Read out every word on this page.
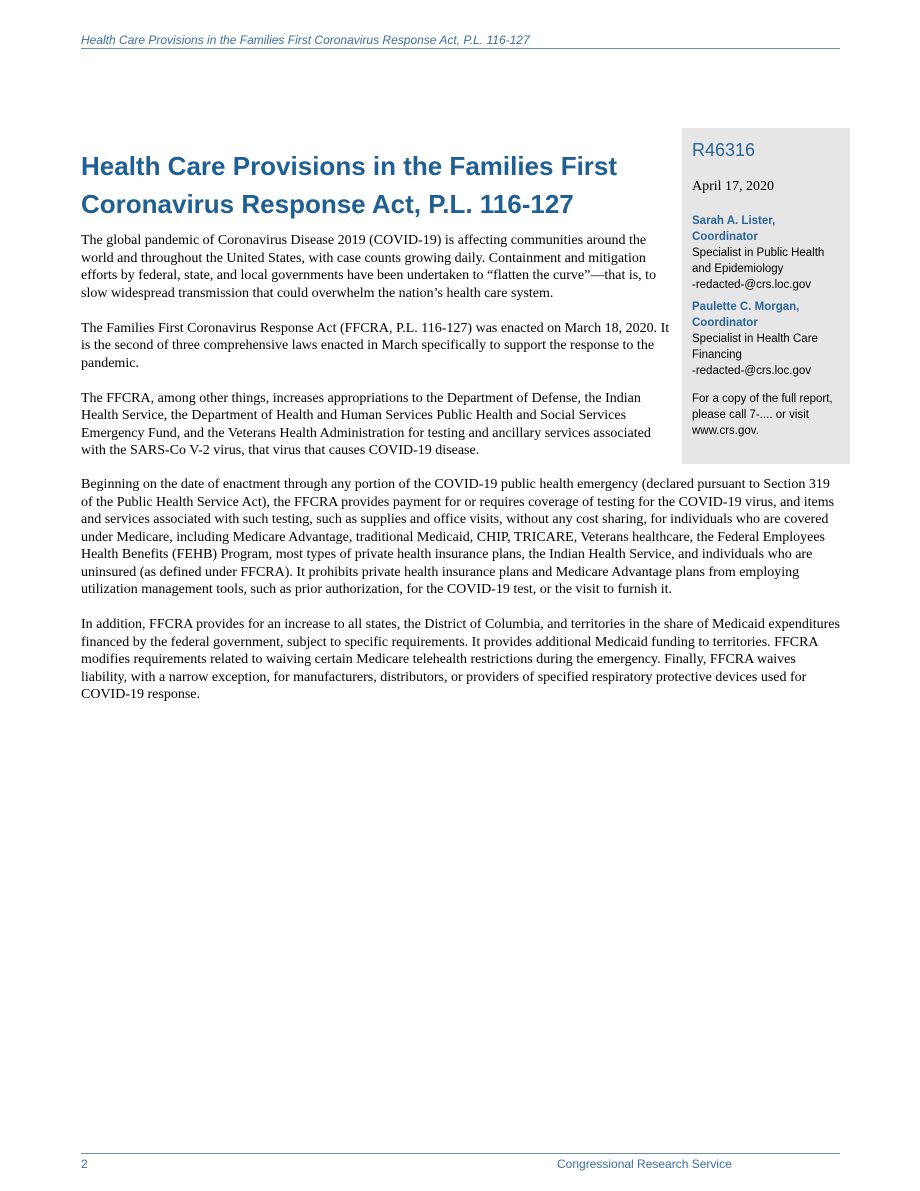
Health Care Provisions in the Families First Coronavirus Response Act, P.L. 116-127
R46316
April 17, 2020
Sarah A. Lister,
Coordinator
Specialist in Public Health
and Epidemiology
-redacted-@crs.loc.gov
Paulette C. Morgan,
Coordinator
Specialist in Health Care
Financing
-redacted-@crs.loc.gov
For a copy of the full report, please call 7-.... or visit www.crs.gov.
Health Care Provisions in the Families First Coronavirus Response Act, P.L. 116-127

The global pandemic of Coronavirus Disease 2019 (COVID-19) is affecting communities around the world and throughout the United States, with case counts growing daily. Containment and mitigation efforts by federal, state, and local governments have been undertaken to “flatten the curve”—that is, to slow widespread transmission that could overwhelm the nation’s health care system.

The Families First Coronavirus Response Act (FFCRA, P.L. 116-127) was enacted on March 18, 2020. It is the second of three comprehensive laws enacted in March specifically to support the response to the pandemic.

The FFCRA, among other things, increases appropriations to the Department of Defense, the Indian Health Service, the Department of Health and Human Services Public Health and Social Services Emergency Fund, and the Veterans Health Administration for testing and ancillary services associated with the SARS-Co V-2 virus, that virus that causes COVID-19 disease.

Beginning on the date of enactment through any portion of the COVID-19 public health emergency (declared pursuant to Section 319 of the Public Health Service Act), the FFCRA provides payment for or requires coverage of testing for the COVID-19 virus, and items and services associated with such testing, such as supplies and office visits, without any cost sharing, for individuals who are covered under Medicare, including Medicare Advantage, traditional Medicaid, CHIP, TRICARE, Veterans healthcare, the Federal Employees Health Benefits (FEHB) Program, most types of private health insurance plans, the Indian Health Service, and individuals who are uninsured (as defined under FFCRA). It prohibits private health insurance plans and Medicare Advantage plans from employing utilization management tools, such as prior authorization, for the COVID-19 test, or the visit to furnish it.

In addition, FFCRA provides for an increase to all states, the District of Columbia, and territories in the share of Medicaid expenditures financed by the federal government, subject to specific requirements. It provides additional Medicaid funding to territories. FFCRA modifies requirements related to waiving certain Medicare telehealth restrictions during the emergency. Finally, FFCRA waives liability, with a narrow exception, for manufacturers, distributors, or providers of specified respiratory protective devices used for COVID-19 response.

2	Congressional Research Service
